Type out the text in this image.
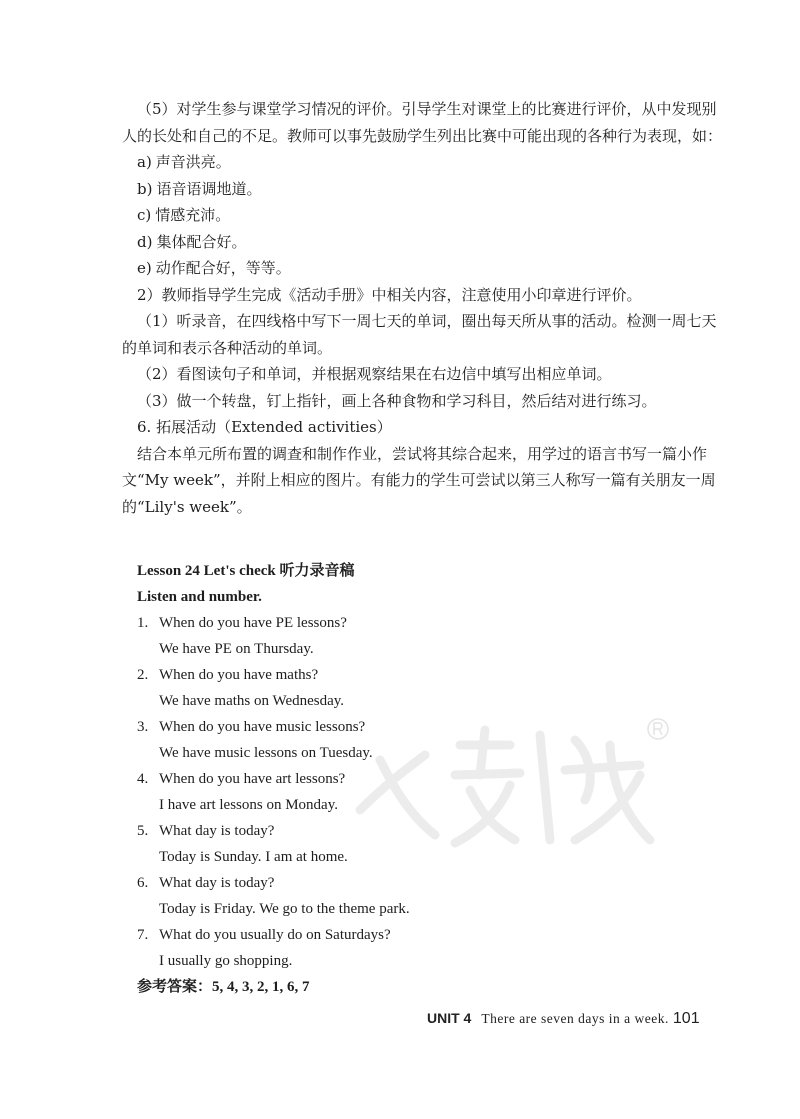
（5）对学生参与课堂学习情况的评价。引导学生对课堂上的比赛进行评价，从中发现别人的长处和自己的不足。教师可以事先鼓励学生列出比赛中可能出现的各种行为表现，如：

a) 声音洪亮。

b) 语音语调地道。

c) 情感充沛。

d) 集体配合好。

e) 动作配合好，等等。

2）教师指导学生完成《活动手册》中相关内容，注意使用小印章进行评价。

（1）听录音，在四线格中写下一周七天的单词，圈出每天所从事的活动。检测一周七天的单词和表示各种活动的单词。

（2）看图读句子和单词，并根据观察结果在右边信中填写出相应单词。

（3）做一个转盘，钉上指针，画上各种食物和学习科目，然后结对进行练习。

6. 拓展活动（Extended activities）

结合本单元所布置的调查和制作作业，尝试将其综合起来，用学过的语言书写一篇小作文“My week”，并附上相应的图片。有能力的学生可尝试以第三人称写一篇有关朋友一周的“Lily's week”。

Lesson 24 Let's check 听力录音稿
Listen and number.
1. When do you have PE lessons?
We have PE on Thursday.
2. When do you have maths?
We have maths on Wednesday.
3. When do you have music lessons?
We have music lessons on Tuesday.
4. When do you have art lessons?
I have art lessons on Monday.
5. What day is today?
Today is Sunday. I am at home.
6. What day is today?
Today is Friday. We go to the theme park.
7. What do you usually do on Saturdays?
I usually go shopping.
参考答案：5, 4, 3, 2, 1, 6, 7
UNIT 4 There are seven days in a week. 101
